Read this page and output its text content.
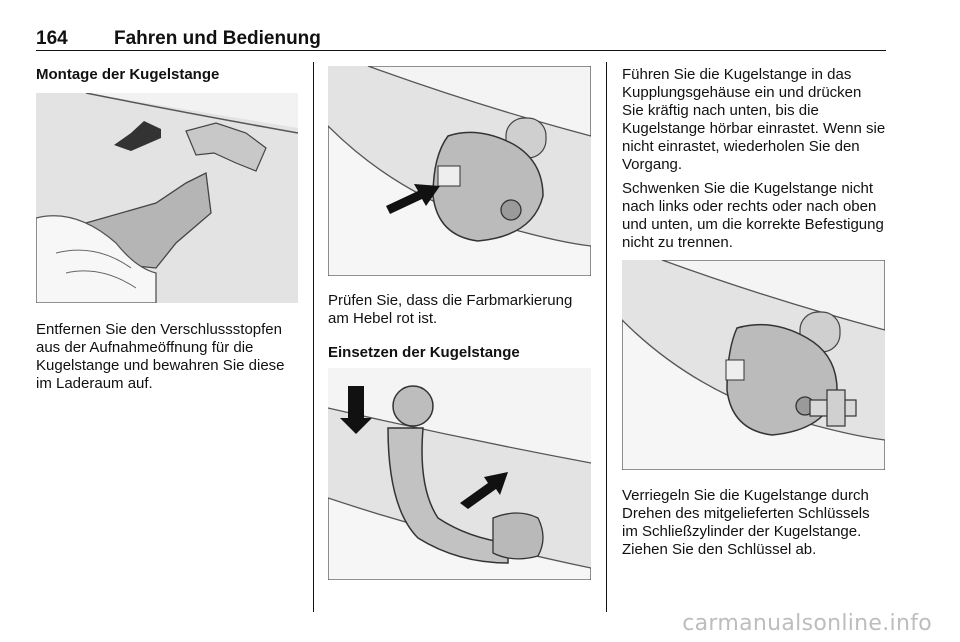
164 Fahren und Bedienung
Montage der Kugelstange

Entfernen Sie den Verschlussstopfen aus der Aufnahmeöffnung für die Kugelstange und bewahren Sie diese im Laderaum auf.

Prüfen Sie, dass die Farbmarkierung am Hebel rot ist.

Einsetzen der Kugelstange

Führen Sie die Kugelstange in das Kupplungsgehäuse ein und drücken Sie kräftig nach unten, bis die Kugelstange hörbar einrastet. Wenn sie nicht einrastet, wiederholen Sie den Vorgang.

Schwenken Sie die Kugelstange nicht nach links oder rechts oder nach oben und unten, um die korrekte Befestigung nicht zu trennen.

Verriegeln Sie die Kugelstange durch Drehen des mitgelieferten Schlüssels im Schließzylinder der Kugelstange. Ziehen Sie den Schlüssel ab.

carmanualsonline.info
